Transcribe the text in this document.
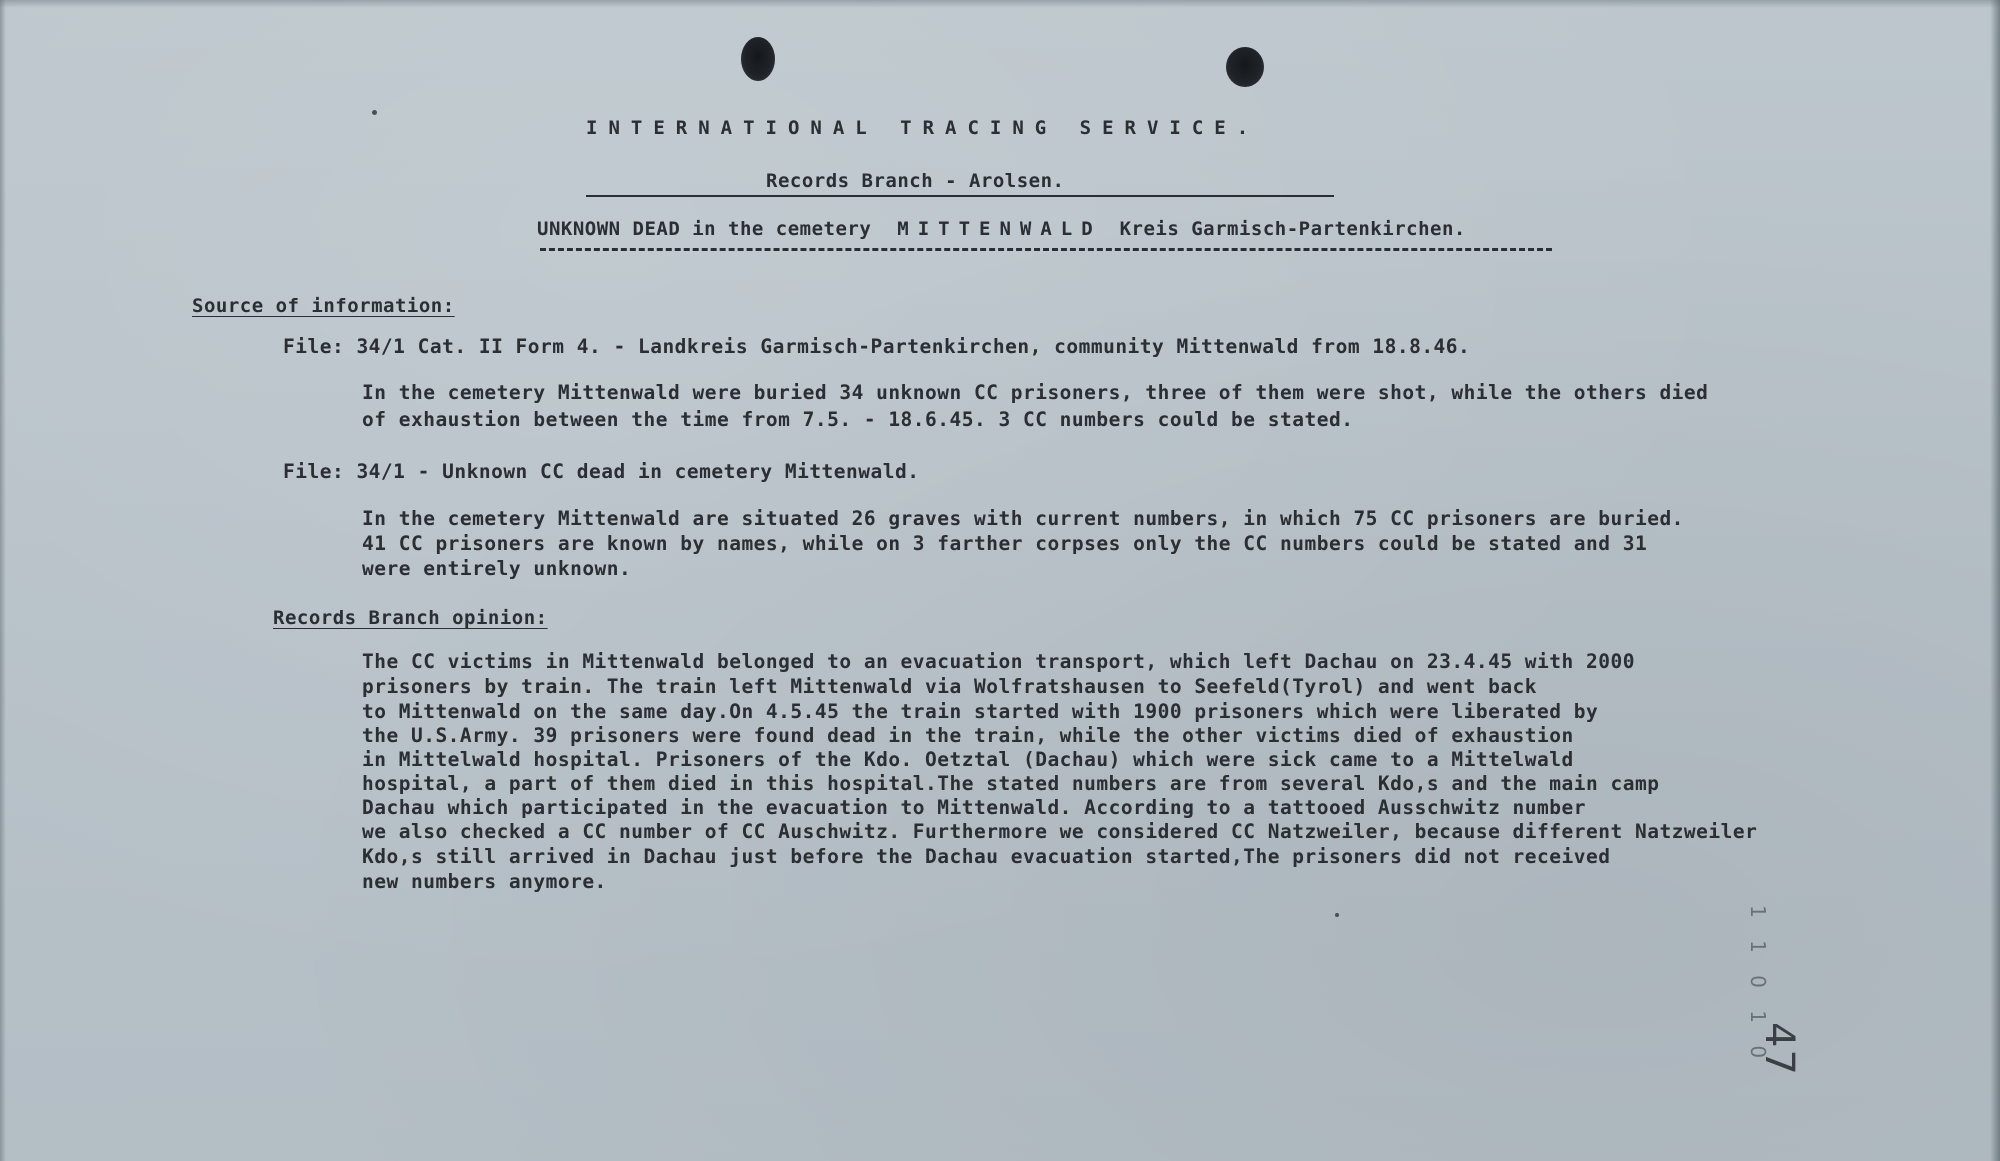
INTERNATIONAL TRACING SERVICE.
Records Branch - Arolsen.
UNKNOWN DEAD in the cemetery MITTENWALD Kreis Garmisch-Partenkirchen.
Source of information:
File: 34/1 Cat. II Form 4. - Landkreis Garmisch-Partenkirchen, community Mittenwald from 18.8.46.
In the cemetery Mittenwald were buried 34 unknown CC prisoners, three of them were shot, while the others died
of exhaustion between the time from 7.5. - 18.6.45. 3 CC numbers could be stated.
File: 34/1 - Unknown CC dead in cemetery Mittenwald.
In the cemetery Mittenwald are situated 26 graves with current numbers, in which 75 CC prisoners are buried.
41 CC prisoners are known by names, while on 3 farther corpses only the CC numbers could be stated and 31
were entirely unknown.
Records Branch opinion:
The CC victims in Mittenwald belonged to an evacuation transport, which left Dachau on 23.4.45 with 2000
prisoners by train. The train left Mittenwald via Wolfratshausen to Seefeld(Tyrol) and went back
to Mittenwald on the same day.On 4.5.45 the train started with 1900 prisoners which were liberated by
the U.S.Army. 39 prisoners were found dead in the train, while the other victims died of exhaustion
in Mittelwald hospital. Prisoners of the Kdo. Oetztal (Dachau) which were sick came to a Mittelwald
hospital, a part of them died in this hospital.The stated numbers are from several Kdo,s and the main camp
Dachau which participated in the evacuation to Mittenwald. According to a tattooed Ausschwitz number
we also checked a CC number of CC Auschwitz. Furthermore we considered CC Natzweiler, because different Natzweiler
Kdo,s still arrived in Dachau just before the Dachau evacuation started,The prisoners did not received
new numbers anymore.
1 1 0 1 0
47
